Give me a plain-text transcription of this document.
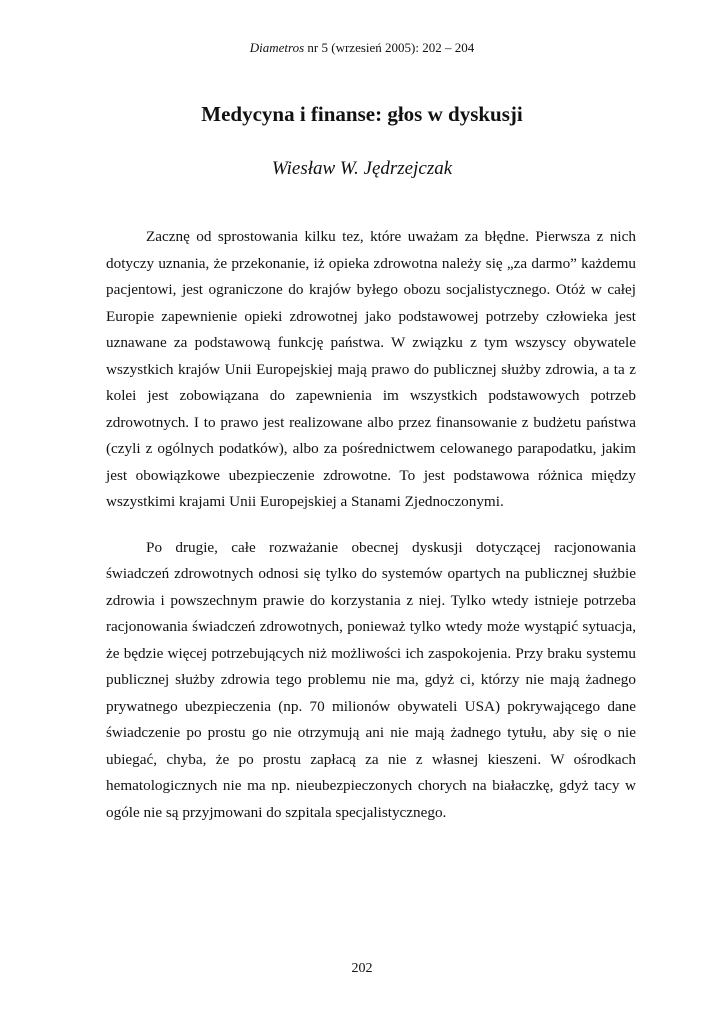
Diametros nr 5 (wrzesień 2005): 202 – 204
Medycyna i finanse: głos w dyskusji
Wiesław W. Jędrzejczak

Zacznę od sprostowania kilku tez, które uważam za błędne. Pierwsza z nich dotyczy uznania, że przekonanie, iż opieka zdrowotna należy się „za darmo” każdemu pacjentowi, jest ograniczone do krajów byłego obozu socjalistycznego. Otóż w całej Europie zapewnienie opieki zdrowotnej jako podstawowej potrzeby człowieka jest uznawane za podstawową funkcję państwa. W związku z tym wszyscy obywatele wszystkich krajów Unii Europejskiej mają prawo do publicznej służby zdrowia, a ta z kolei jest zobowiązana do zapewnienia im wszystkich podstawowych potrzeb zdrowotnych. I to prawo jest realizowane albo przez finansowanie z budżetu państwa (czyli z ogólnych podatków), albo za pośrednictwem celowanego parapodatku, jakim jest obowiązkowe ubezpieczenie zdrowotne. To jest podstawowa różnica między wszystkimi krajami Unii Europejskiej a Stanami Zjednoczonymi.

Po drugie, całe rozważanie obecnej dyskusji dotyczącej racjonowania świadczeń zdrowotnych odnosi się tylko do systemów opartych na publicznej służbie zdrowia i powszechnym prawie do korzystania z niej. Tylko wtedy istnieje potrzeba racjonowania świadczeń zdrowotnych, ponieważ tylko wtedy może wystąpić sytuacja, że będzie więcej potrzebujących niż możliwości ich zaspokojenia. Przy braku systemu publicznej służby zdrowia tego problemu nie ma, gdyż ci, którzy nie mają żadnego prywatnego ubezpieczenia (np. 70 milionów obywateli USA) pokrywającego dane świadczenie po prostu go nie otrzymują ani nie mają żadnego tytułu, aby się o nie ubiegać, chyba, że po prostu zapłacą za nie z własnej kieszeni. W ośrodkach hematologicznych nie ma np. nieubezpieczonych chorych na białaczkę, gdyż tacy w ogóle nie są przyjmowani do szpitala specjalistycznego.

202
